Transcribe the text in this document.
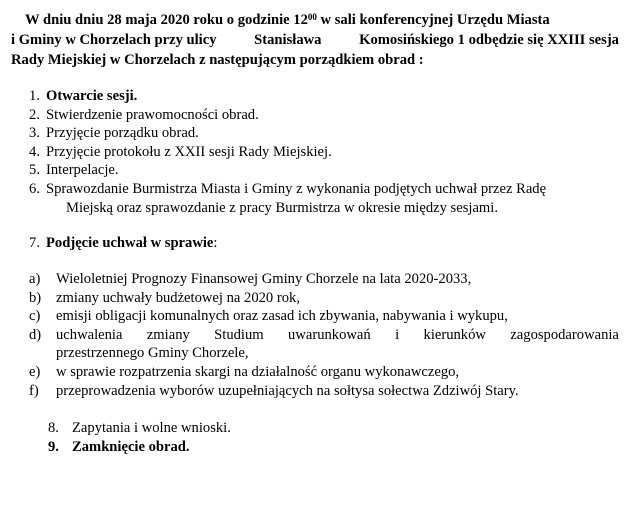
W dniu dniu 28 maja 2020 roku o godzinie $12^{00}$ w sali konferencyjnej Urzędu Miasta
i Gminy w Chorzelach przy ulicy	Stanisława	Komosińskiego 1 odbędzie się XXIII sesja
Rady Miejskiej w Chorzelach z następującym porządkiem obrad :
1. Otwarcie sesji.
2. Stwierdzenie prawomocności obrad.
3. Przyjęcie porządku obrad.
4. Przyjęcie protokołu z XXII sesji Rady Miejskiej.
5. Interpelacje.
6. Sprawozdanie Burmistrza Miasta i Gminy z wykonania podjętych uchwał przez Radę
Miejską oraz sprawozdanie z pracy Burmistrza w okresie między sesjami.
7. Podjęcie uchwał w sprawie:
a) Wieloletniej Prognozy Finansowej Gminy Chorzele na lata 2020-2033,
b) zmiany uchwały budżetowej na 2020 rok,
c) emisji obligacji komunalnych oraz zasad ich zbywania, nabywania i wykupu,
d) uchwalenia zmiany Studium uwarunkowań i kierunków zagospodarowania
przestrzennego Gminy Chorzele,
e) w sprawie rozpatrzenia skargi na działalność organu wykonawczego,
f) przeprowadzenia wyborów uzupełniających na sołtysa sołectwa Zdziwój Stary.
8. Zapytania i wolne wnioski.
9. Zamknięcie obrad.
